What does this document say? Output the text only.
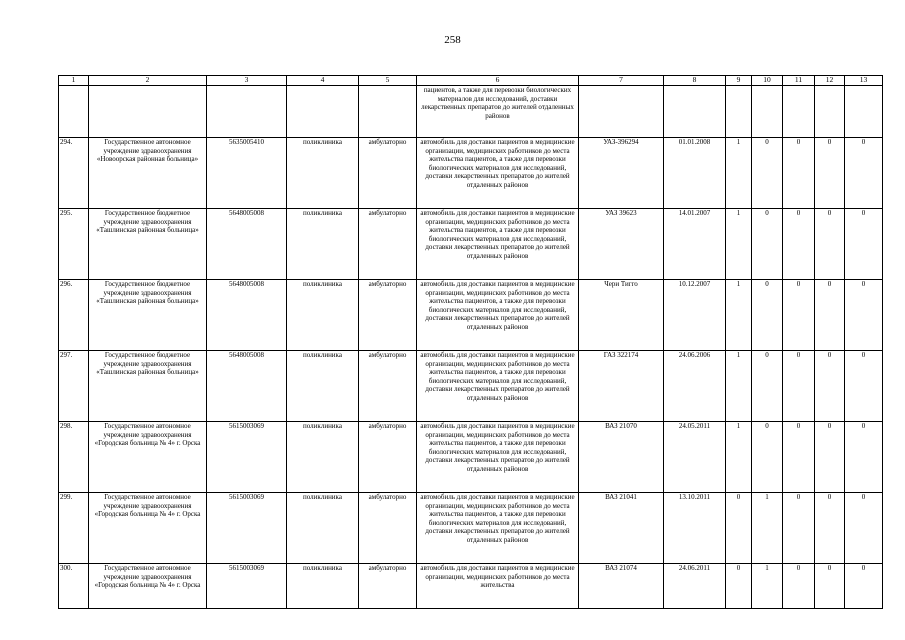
258
1	2	3	4	5	6	7	8	9	10	11	12	13
					пациентов, а также для перевозки биологических материалов для исследований, доставки лекарственных препаратов до жителей отдаленных районов							
294.	Государственное автономное учреждение здравоохранения «Новоорская районная больница»	5635005410	поликлиника	амбулаторно	автомобиль для доставки пациентов в медицинские организации, медицинских работников до места жительства пациентов, а также для перевозки биологических материалов для исследований, доставки лекарственных препаратов до жителей отдаленных районов	УАЗ-396294	01.01.2008	1	0	0	0	0
295.	Государственное бюджетное учреждение здравоохранения «Ташлинская районная больница»	5648005008	поликлиника	амбулаторно	автомобиль для доставки пациентов в медицинские организации, медицинских работников до места жительства пациентов, а также для перевозки биологических материалов для исследований, доставки лекарственных препаратов до жителей отдаленных районов	УАЗ 39623	14.01.2007	1	0	0	0	0
296.	Государственное бюджетное учреждение здравоохранения «Ташлинская районная больница»	5648005008	поликлиника	амбулаторно	автомобиль для доставки пациентов в медицинские организации, медицинских работников до места жительства пациентов, а также для перевозки биологических материалов для исследований, доставки лекарственных препаратов до жителей отдаленных районов	Чери Тигго	10.12.2007	1	0	0	0	0
297.	Государственное бюджетное учреждение здравоохранения «Ташлинская районная больница»	5648005008	поликлиника	амбулаторно	автомобиль для доставки пациентов в медицинские организации, медицинских работников до места жительства пациентов, а также для перевозки биологических материалов для исследований, доставки лекарственных препаратов до жителей отдаленных районов	ГАЗ 322174	24.06.2006	1	0	0	0	0
298.	Государственное автономное учреждение здравоохранения «Городская больница № 4» г. Орска	5615003069	поликлиника	амбулаторно	автомобиль для доставки пациентов в медицинские организации, медицинских работников до места жительства пациентов, а также для перевозки биологических материалов для исследований, доставки лекарственных препаратов до жителей отдаленных районов	ВАЗ 21070	24.05.2011	1	0	0	0	0
299.	Государственное автономное учреждение здравоохранения «Городская больница № 4» г. Орска	5615003069	поликлиника	амбулаторно	автомобиль для доставки пациентов в медицинские организации, медицинских работников до места жительства пациентов, а также для перевозки биологических материалов для исследований, доставки лекарственных препаратов до жителей отдаленных районов	ВАЗ 21041	13.10.2011	0	1	0	0	0
300.	Государственное автономное учреждение здравоохранения «Городская больница № 4» г. Орска	5615003069	поликлиника	амбулаторно	автомобиль для доставки пациентов в медицинские организации, медицинских работников до места жительства	ВАЗ 21074	24.06.2011	0	1	0	0	0
